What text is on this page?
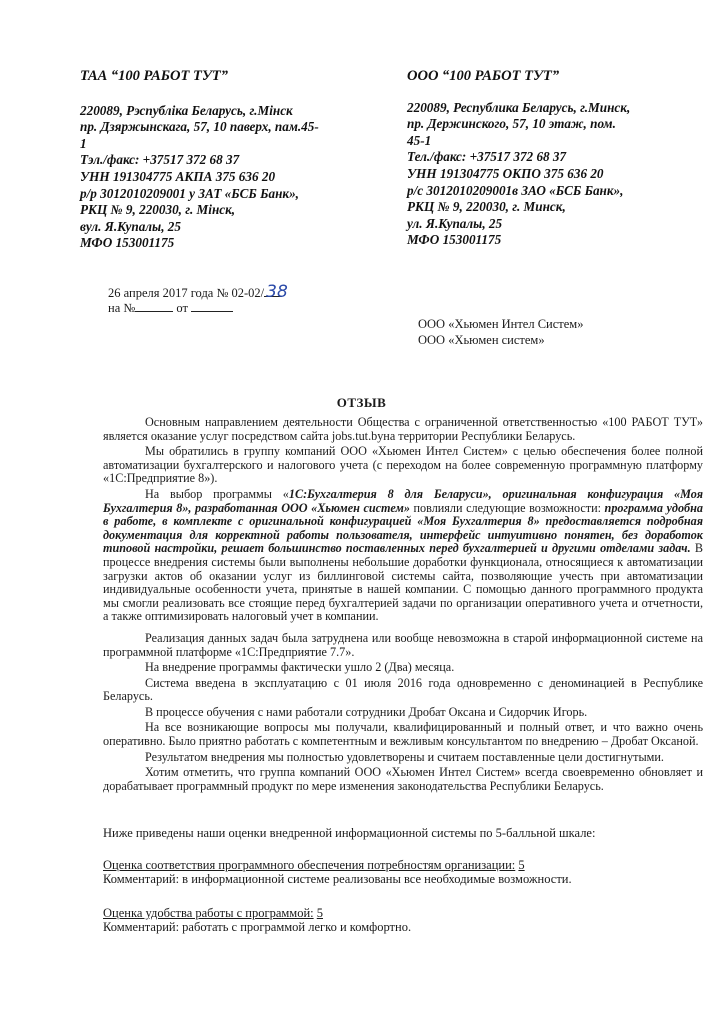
ТАА “100 РАБОТ ТУТ”
220089, Рэспубліка Беларусь, г.Мінск
пр. Дзяржынскага, 57, 10 паверх, пам.45-
1
Тэл./факс: +37517 372 68 37
УНН 191304775 АКПА 375 636 20
р/р 3012010209001 у ЗАТ «БСБ Банк»,
РКЦ № 9, 220030, г. Мінск,
вул. Я.Купалы, 25
МФО 153001175
ООО “100 РАБОТ ТУТ”
220089, Республика Беларусь, г.Минск,
пр. Держинского, 57, 10 этаж, пом.
45-1
Тел./факс: +37517 372 68 37
УНН 191304775 ОКПО 375 636 20
р/с 3012010209001в ЗАО «БСБ Банк»,
РКЦ № 9, 220030, г. Минск,
ул. Я.Купалы, 25
МФО 153001175
26 апреля 2017 года № 02-02/ 38
на №	от
ООО «Хьюмен Интел Систем»
ООО «Хьюмен систем»
ОТЗЫВ

Основным направлением деятельности Общества с ограниченной ответственностью «100 РАБОТ ТУТ» является оказание услуг посредством сайта jobs.tut.byна территории Республики Беларусь.

Мы обратились в группу компаний ООО «Хьюмен Интел Систем» с целью обеспечения более полной автоматизации бухгалтерского и налогового учета (с переходом на более современную программную платформу «1С:Предприятие 8»).

На выбор программы «1С:Бухгалтерия 8 для Беларуси», оригинальная конфигурация «Моя Бухгалтерия 8», разработанная ООО «Хьюмен систем» повлияли следующие возможности: программа удобна в работе, в комплекте с оригинальной конфигурацией «Моя Бухгалтерия 8» предоставляется подробная документация для корректной работы пользователя, интерфейс интуитивно понятен, без доработок типовой настройки, решает большинство поставленных перед бухгалтерией и другими отделами задач. В процессе внедрения системы были выполнены небольшие доработки функционала, относящиеся к автоматизации загрузки актов об оказании услуг из биллинговой системы сайта, позволяющие учесть при автоматизации индивидуальные особенности учета, принятые в нашей компании. С помощью данного программного продукта мы смогли реализовать все стоящие перед бухгалтерией задачи по организации оперативного учета и отчетности, а также оптимизировать налоговый учет в компании.

Реализация данных задач была затруднена или вообще невозможна в старой информационной системе на программной платформе «1С:Предприятие 7.7».

На внедрение программы фактически ушло 2 (Два) месяца.

Система введена в эксплуатацию с 01 июля 2016 года одновременно с деноминацией в Республике Беларусь.

В процессе обучения с нами работали сотрудники Дробат Оксана и Сидорчик Игорь.

На все возникающие вопросы мы получали, квалифицированный и полный ответ, и что важно очень оперативно. Было приятно работать с компетентным и вежливым консультантом по внедрению – Дробат Оксаной.

Результатом внедрения мы полностью удовлетворены и считаем поставленные цели достигнутыми.

Хотим отметить, что группа компаний ООО «Хьюмен Интел Систем» всегда своевременно обновляет и дорабатывает программный продукт по мере изменения законодательства Республики Беларусь.

Ниже приведены наши оценки внедренной информационной системы по 5-балльной шкале:
Оценка соответствия программного обеспечения потребностям организации: 5
Комментарий: в информационной системе реализованы все необходимые возможности.
Оценка удобства работы с программой: 5
Комментарий: работать с программой легко и комфортно.
